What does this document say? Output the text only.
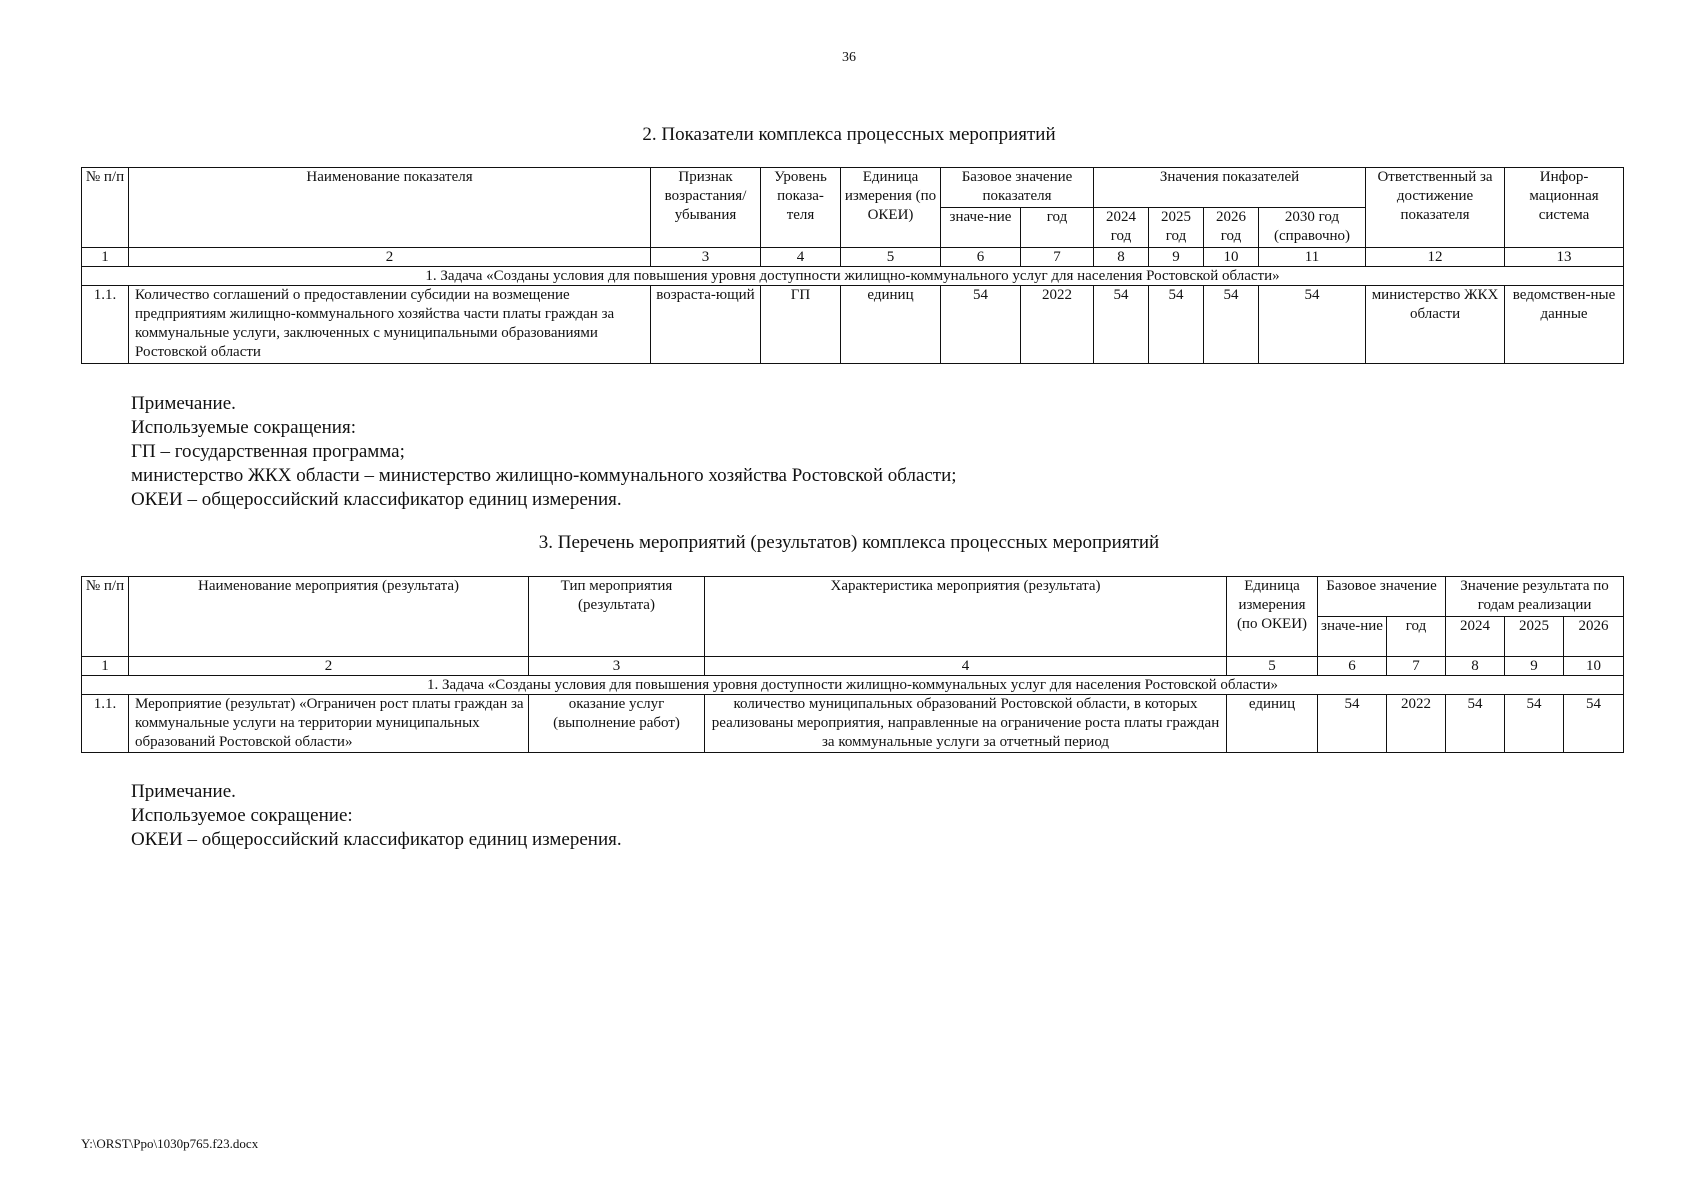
36
2. Показатели комплекса процессных мероприятий
№ п/п	Наименование показателя	Признак возрастания/ убывания	Уровень показа-теля	Единица измерения (по ОКЕИ)	Базовое значение показателя		Значения показателей				Ответственный за достижение показателя	Инфор-мационная система
					значе-ние	год	2024 год	2025 год	2026 год	2030 год (справочно)		
1	2	3	4	5	6	7	8	9	10	11	12	13
1. Задача «Созданы условия для повышения уровня доступности жилищно-коммунального услуг для населения Ростовской области»												
1.1.	Количество соглашений о предоставлении субсидии на возмещение предприятиям жилищно-коммунального хозяйства части платы граждан за коммунальные услуги, заключенных с муниципальными образованиями Ростовской области	возраста-ющий	ГП	единиц	54	2022	54	54	54	54	министерство ЖКХ области	ведомствен-ные данные
Примечание.
Используемые сокращения:
ГП – государственная программа;
министерство ЖКХ области – министерство жилищно-коммунального хозяйства Ростовской области;
ОКЕИ – общероссийский классификатор единиц измерения.
3. Перечень мероприятий (результатов) комплекса процессных мероприятий
№ п/п	Наименование мероприятия (результата)	Тип мероприятия (результата)	Характеристика мероприятия (результата)	Единица измерения (по ОКЕИ)	Базовое значение		Значение результата по годам реализации		
					значе-ние	год	2024	2025	2026
1	2	3	4	5	6	7	8	9	10
1. Задача «Созданы условия для повышения уровня доступности жилищно-коммунальных услуг для населения Ростовской области»									
1.1.	Мероприятие (результат) «Ограничен рост платы граждан за коммунальные услуги на территории муниципальных образований Ростовской области»	оказание услуг (выполнение работ)	количество муниципальных образований Ростовской области, в которых реализованы мероприятия, направленные на ограничение роста платы граждан за коммунальные услуги за отчетный период	единиц	54	2022	54	54	54
Примечание.
Используемое сокращение:
ОКЕИ – общероссийский классификатор единиц измерения.
Y:\ORST\Ppo\1030p765.f23.docx
